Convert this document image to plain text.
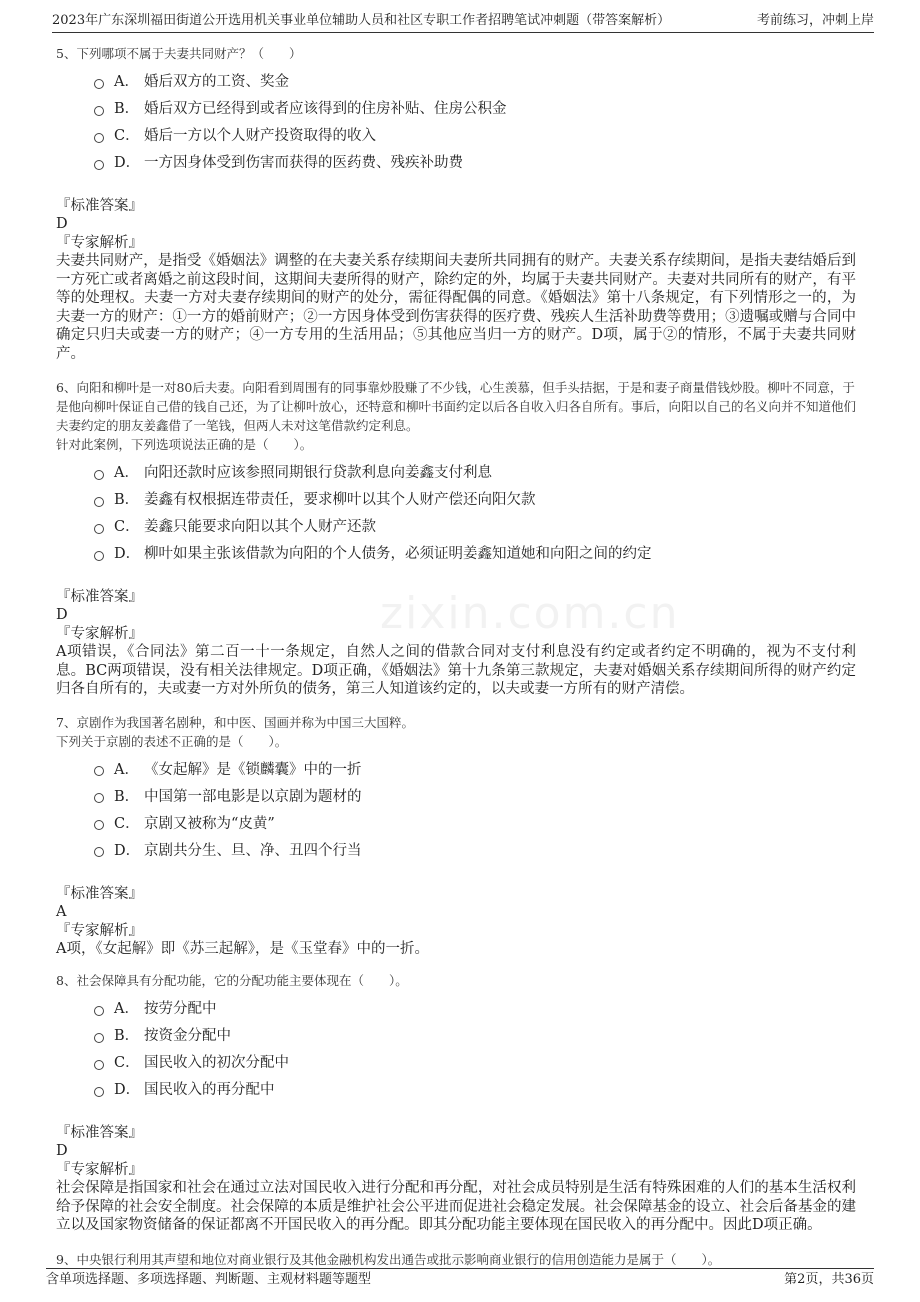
2023年广东深圳福田街道公开选用机关事业单位辅助人员和社区专职工作者招聘笔试冲刺题（带答案解析）	考前练习，冲刺上岸
zixin.com.cn

5、下列哪项不属于夫妻共同财产？（　　）

A． 婚后双方的工资、奖金
B． 婚后双方已经得到或者应该得到的住房补贴、住房公积金
C． 婚后一方以个人财产投资取得的收入
D． 一方因身体受到伤害而获得的医药费、残疾补助费
『标准答案』
D
『专家解析』

夫妻共同财产，是指受《婚姻法》调整的在夫妻关系存续期间夫妻所共同拥有的财产。夫妻关系存续期间，是指夫妻结婚后到一方死亡或者离婚之前这段时间，这期间夫妻所得的财产，除约定的外，均属于夫妻共同财产。夫妻对共同所有的财产，有平等的处理权。夫妻一方对夫妻存续期间的财产的处分，需征得配偶的同意。《婚姻法》第十八条规定，有下列情形之一的，为夫妻一方的财产：①一方的婚前财产；②一方因身体受到伤害获得的医疗费、残疾人生活补助费等费用；③遗嘱或赠与合同中确定只归夫或妻一方的财产；④一方专用的生活用品；⑤其他应当归一方的财产。D项，属于②的情形，不属于夫妻共同财产。

6、向阳和柳叶是一对80后夫妻。向阳看到周围有的同事靠炒股赚了不少钱，心生羡慕，但手头拮据，于是和妻子商量借钱炒股。柳叶不同意，于是他向柳叶保证自己借的钱自己还，为了让柳叶放心，还特意和柳叶书面约定以后各自收入归各自所有。事后，向阳以自己的名义向并不知道他们夫妻约定的朋友姜鑫借了一笔钱，但两人未对这笔借款约定利息。

针对此案例，下列选项说法正确的是（　　）。

A． 向阳还款时应该参照同期银行贷款利息向姜鑫支付利息
B． 姜鑫有权根据连带责任，要求柳叶以其个人财产偿还向阳欠款
C． 姜鑫只能要求向阳以其个人财产还款
D． 柳叶如果主张该借款为向阳的个人债务，必须证明姜鑫知道她和向阳之间的约定
『标准答案』
D
『专家解析』

A项错误，《合同法》第二百一十一条规定，自然人之间的借款合同对支付利息没有约定或者约定不明确的，视为不支付利息。BC两项错误，没有相关法律规定。D项正确，《婚姻法》第十九条第三款规定，夫妻对婚姻关系存续期间所得的财产约定归各自所有的，夫或妻一方对外所负的债务，第三人知道该约定的，以夫或妻一方所有的财产清偿。

7、京剧作为我国著名剧种，和中医、国画并称为中国三大国粹。

下列关于京剧的表述不正确的是（　　）。

A． 《女起解》是《锁麟囊》中的一折
B． 中国第一部电影是以京剧为题材的
C． 京剧又被称为“皮黄”
D． 京剧共分生、旦、净、丑四个行当
『标准答案』
A
『专家解析』

A项，《女起解》即《苏三起解》，是《玉堂春》中的一折。

8、社会保障具有分配功能，它的分配功能主要体现在（　　）。

A． 按劳分配中
B． 按资金分配中
C． 国民收入的初次分配中
D． 国民收入的再分配中
『标准答案』
D
『专家解析』

社会保障是指国家和社会在通过立法对国民收入进行分配和再分配，对社会成员特别是生活有特殊困难的人们的基本生活权利给予保障的社会安全制度。社会保障的本质是维护社会公平进而促进社会稳定发展。社会保障基金的设立、社会后备基金的建立以及国家物资储备的保证都离不开国民收入的再分配。即其分配功能主要体现在国民收入的再分配中。因此D项正确。

9、中央银行利用其声望和地位对商业银行及其他金融机构发出通告或批示影响商业银行的信用创造能力是属于（　　）。

含单项选择题、多项选择题、判断题、主观材料题等题型	第2页，共36页
